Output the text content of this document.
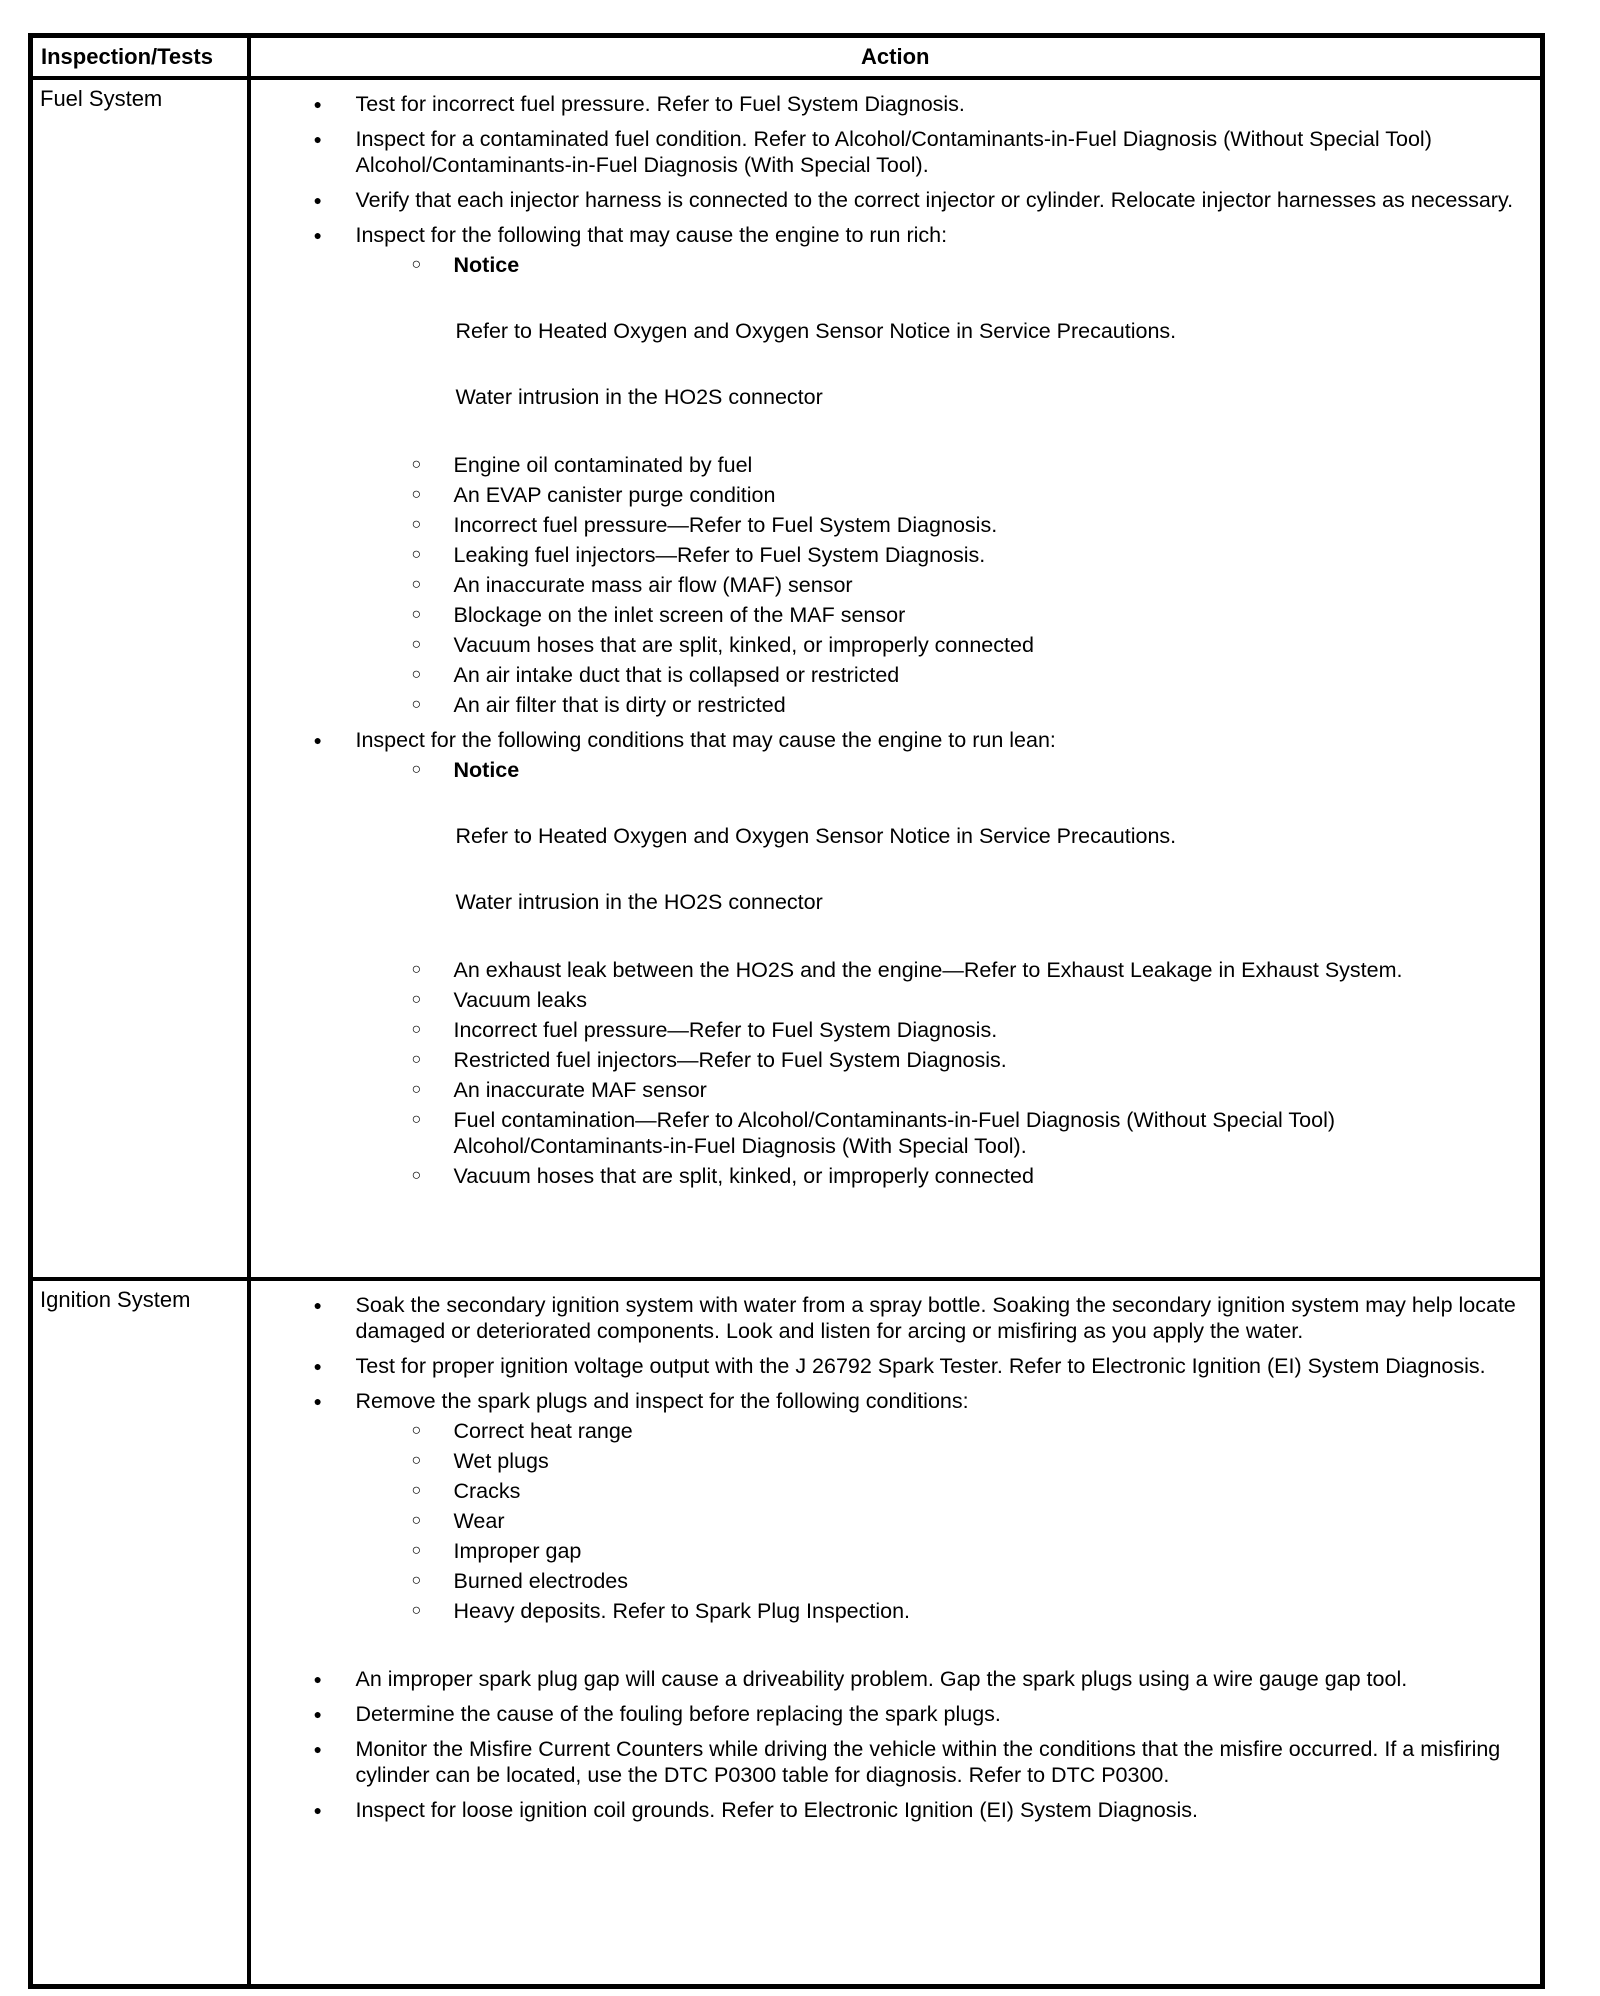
Inspection/Tests	Action

Fuel System	●	Test for incorrect fuel pressure. Refer to Fuel System Diagnosis.
●	Inspect for a contaminated fuel condition. Refer to Alcohol/Contaminants-in-Fuel Diagnosis (Without Special Tool) Alcohol/Contaminants-in-Fuel Diagnosis (With Special Tool).
●	Verify that each injector harness is connected to the correct injector or cylinder. Relocate injector harnesses as necessary.
●	Inspect for the following that may cause the engine to run rich:
○	Notice
Refer to Heated Oxygen and Oxygen Sensor Notice in Service Precautions.
Water intrusion in the HO2S connector
○	Engine oil contaminated by fuel
○	An EVAP canister purge condition
○	Incorrect fuel pressure—Refer to Fuel System Diagnosis.
○	Leaking fuel injectors—Refer to Fuel System Diagnosis.
○	An inaccurate mass air flow (MAF) sensor
○	Blockage on the inlet screen of the MAF sensor
○	Vacuum hoses that are split, kinked, or improperly connected
○	An air intake duct that is collapsed or restricted
○	An air filter that is dirty or restricted
●	Inspect for the following conditions that may cause the engine to run lean:
○	Notice
Refer to Heated Oxygen and Oxygen Sensor Notice in Service Precautions.
Water intrusion in the HO2S connector
○	An exhaust leak between the HO2S and the engine—Refer to Exhaust Leakage in Exhaust System.
○	Vacuum leaks
○	Incorrect fuel pressure—Refer to Fuel System Diagnosis.
○	Restricted fuel injectors—Refer to Fuel System Diagnosis.
○	An inaccurate MAF sensor
○	Fuel contamination—Refer to Alcohol/Contaminants-in-Fuel Diagnosis (Without Special Tool) Alcohol/Contaminants-in-Fuel Diagnosis (With Special Tool).
○	Vacuum hoses that are split, kinked, or improperly connected

Ignition System	●	Soak the secondary ignition system with water from a spray bottle. Soaking the secondary ignition system may help locate damaged or deteriorated components. Look and listen for arcing or misfiring as you apply the water.
●	Test for proper ignition voltage output with the J 26792 Spark Tester. Refer to Electronic Ignition (EI) System Diagnosis.
●	Remove the spark plugs and inspect for the following conditions:
○	Correct heat range
○	Wet plugs
○	Cracks
○	Wear
○	Improper gap
○	Burned electrodes
○	Heavy deposits. Refer to Spark Plug Inspection.
●	An improper spark plug gap will cause a driveability problem. Gap the spark plugs using a wire gauge gap tool.
●	Determine the cause of the fouling before replacing the spark plugs.
●	Monitor the Misfire Current Counters while driving the vehicle within the conditions that the misfire occurred. If a misfiring cylinder can be located, use the DTC P0300 table for diagnosis. Refer to DTC P0300.
●	Inspect for loose ignition coil grounds. Refer to Electronic Ignition (EI) System Diagnosis.
